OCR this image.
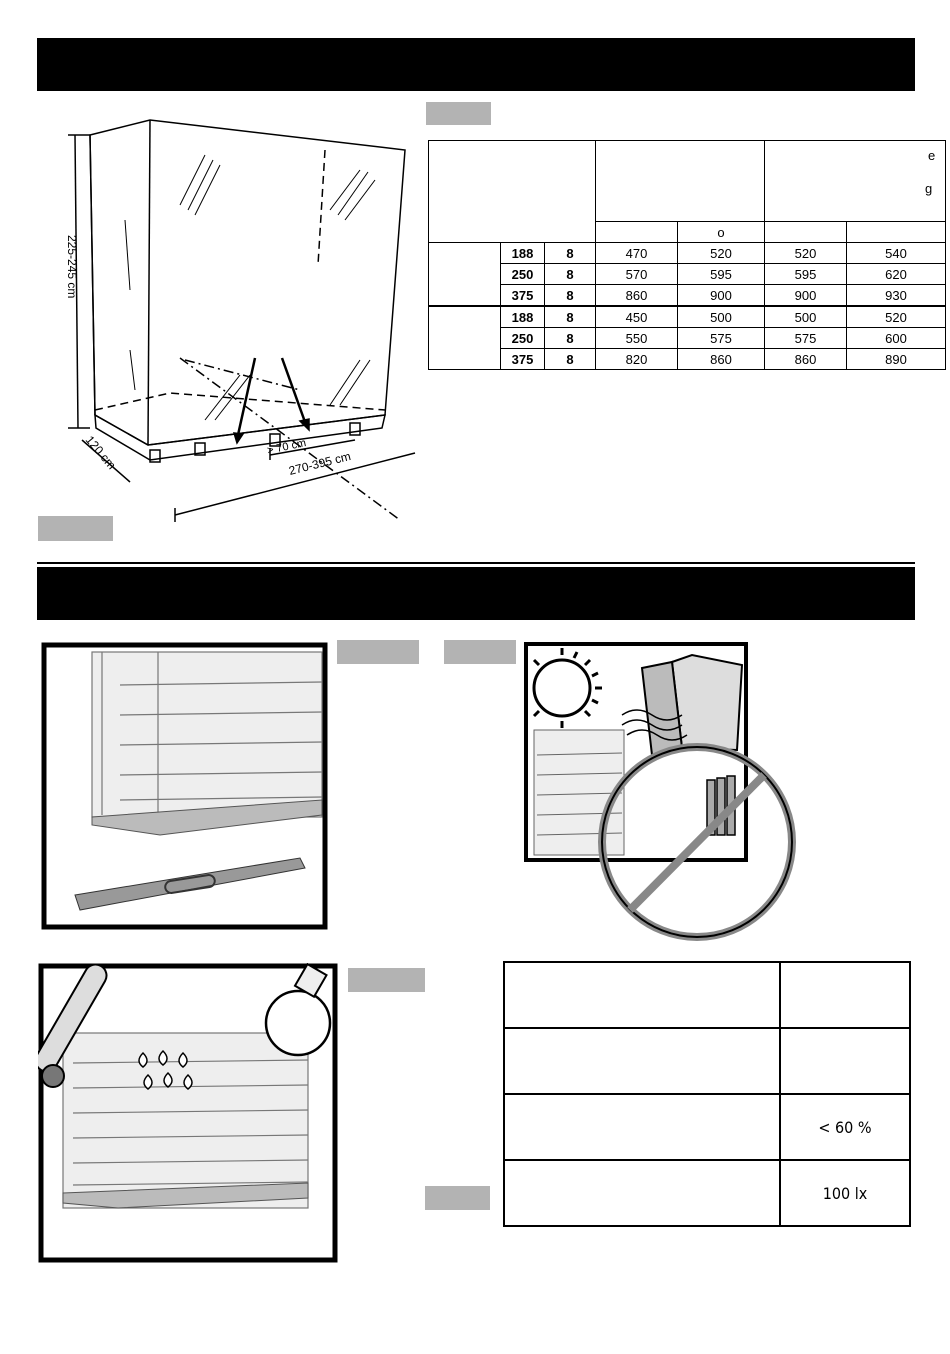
225-245 cm
120 cm	> 70 cm
270-395 cm

				o		
	188	8	470	520	520	540
	250	8	570	595	595	620
	375	8	860	900	900	930
	188	8	450	500	500	520
	250	8	550	575	575	600
	375	8	820	860	860	890
e
g

	< 60 %
	100 lx
